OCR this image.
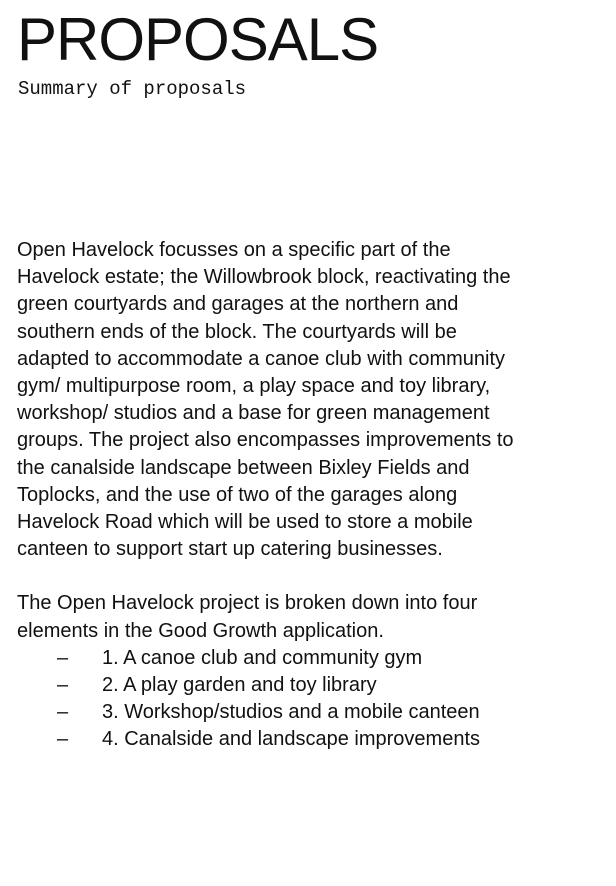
PROPOSALS
Summary of proposals

Open Havelock focusses on a specific part of the
Havelock estate; the Willowbrook block, reactivating the
green courtyards and garages at the northern and
southern ends of the block. The courtyards will be
adapted to accommodate a canoe club with community
gym/ multipurpose room, a play space and toy library,
workshop/ studios and a base for green management
groups. The project also encompasses improvements to
the canalside landscape between Bixley Fields and
Toplocks, and the use of two of the garages along
Havelock Road which will be used to store a mobile
canteen to support start up catering businesses.

The Open Havelock project is broken down into four
elements in the Good Growth application.

– 1. A canoe club and community gym
– 2. A play garden and toy library
– 3. Workshop/studios and a mobile canteen
– 4. Canalside and landscape improvements
